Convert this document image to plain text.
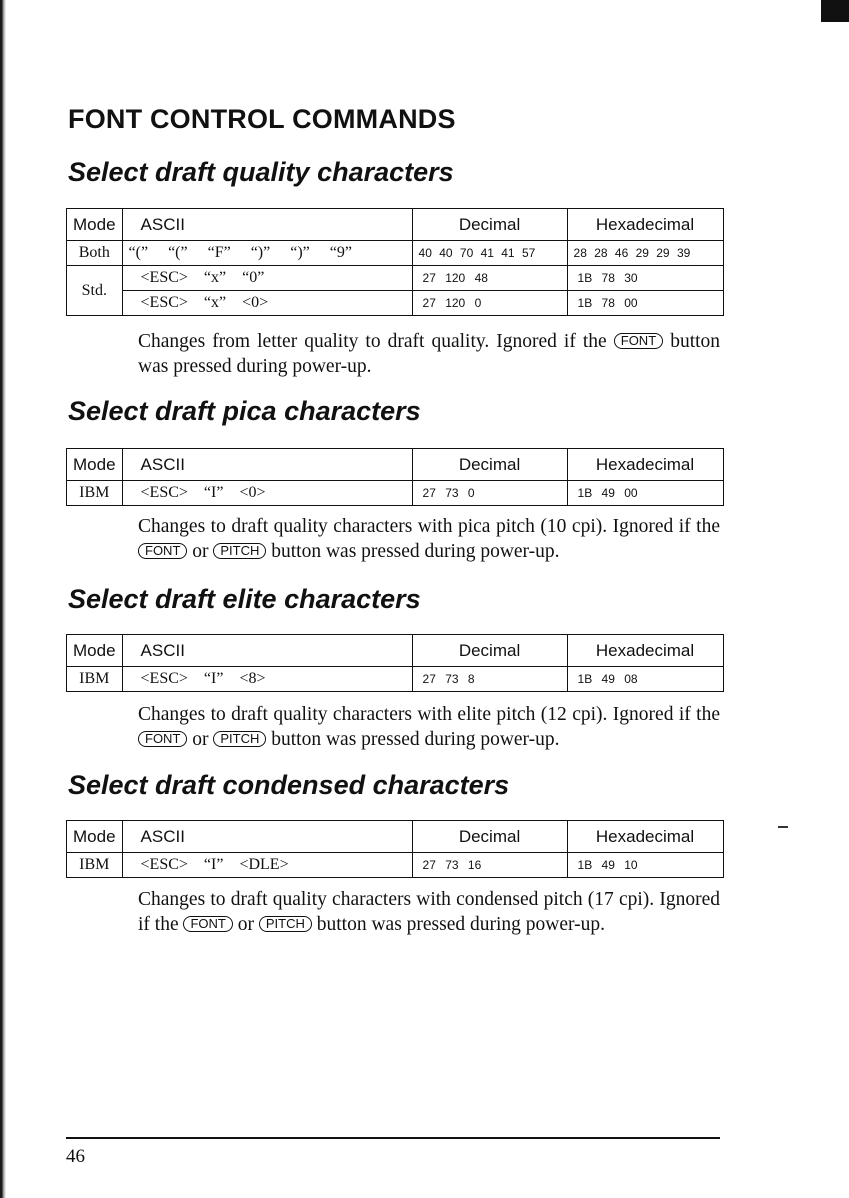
FONT CONTROL COMMANDS
Select draft quality characters
Mode	ASCII	Decimal	Hexadecimal
Both	“(” “(” “F” “)” “)” “9”	40 40 70 41 41 57	28 28 46 29 29 39
Std.	<ESC> “x” “0”	27 120 48	1B 78 30
	<ESC> “x” <0>	27 120 0	1B 78 00

Changes from letter quality to draft quality. Ignored if the FONT button was pressed during power-up.

Select draft pica characters
Mode	ASCII	Decimal	Hexadecimal
IBM	<ESC> “I” <0>	27 73 0	1B 49 00

Changes to draft quality characters with pica pitch (10 cpi). Ignored if the FONT or PITCH button was pressed during power-up.

Select draft elite characters
Mode	ASCII	Decimal	Hexadecimal
IBM	<ESC> “I” <8>	27 73 8	1B 49 08

Changes to draft quality characters with elite pitch (12 cpi). Ignored if the FONT or PITCH button was pressed during power-up.

Select draft condensed characters
Mode	ASCII	Decimal	Hexadecimal
IBM	<ESC> “I” <DLE>	27 73 16	1B 49 10

Changes to draft quality characters with condensed pitch (17 cpi). Ignored if the FONT or PITCH button was pressed during power-up.

46
